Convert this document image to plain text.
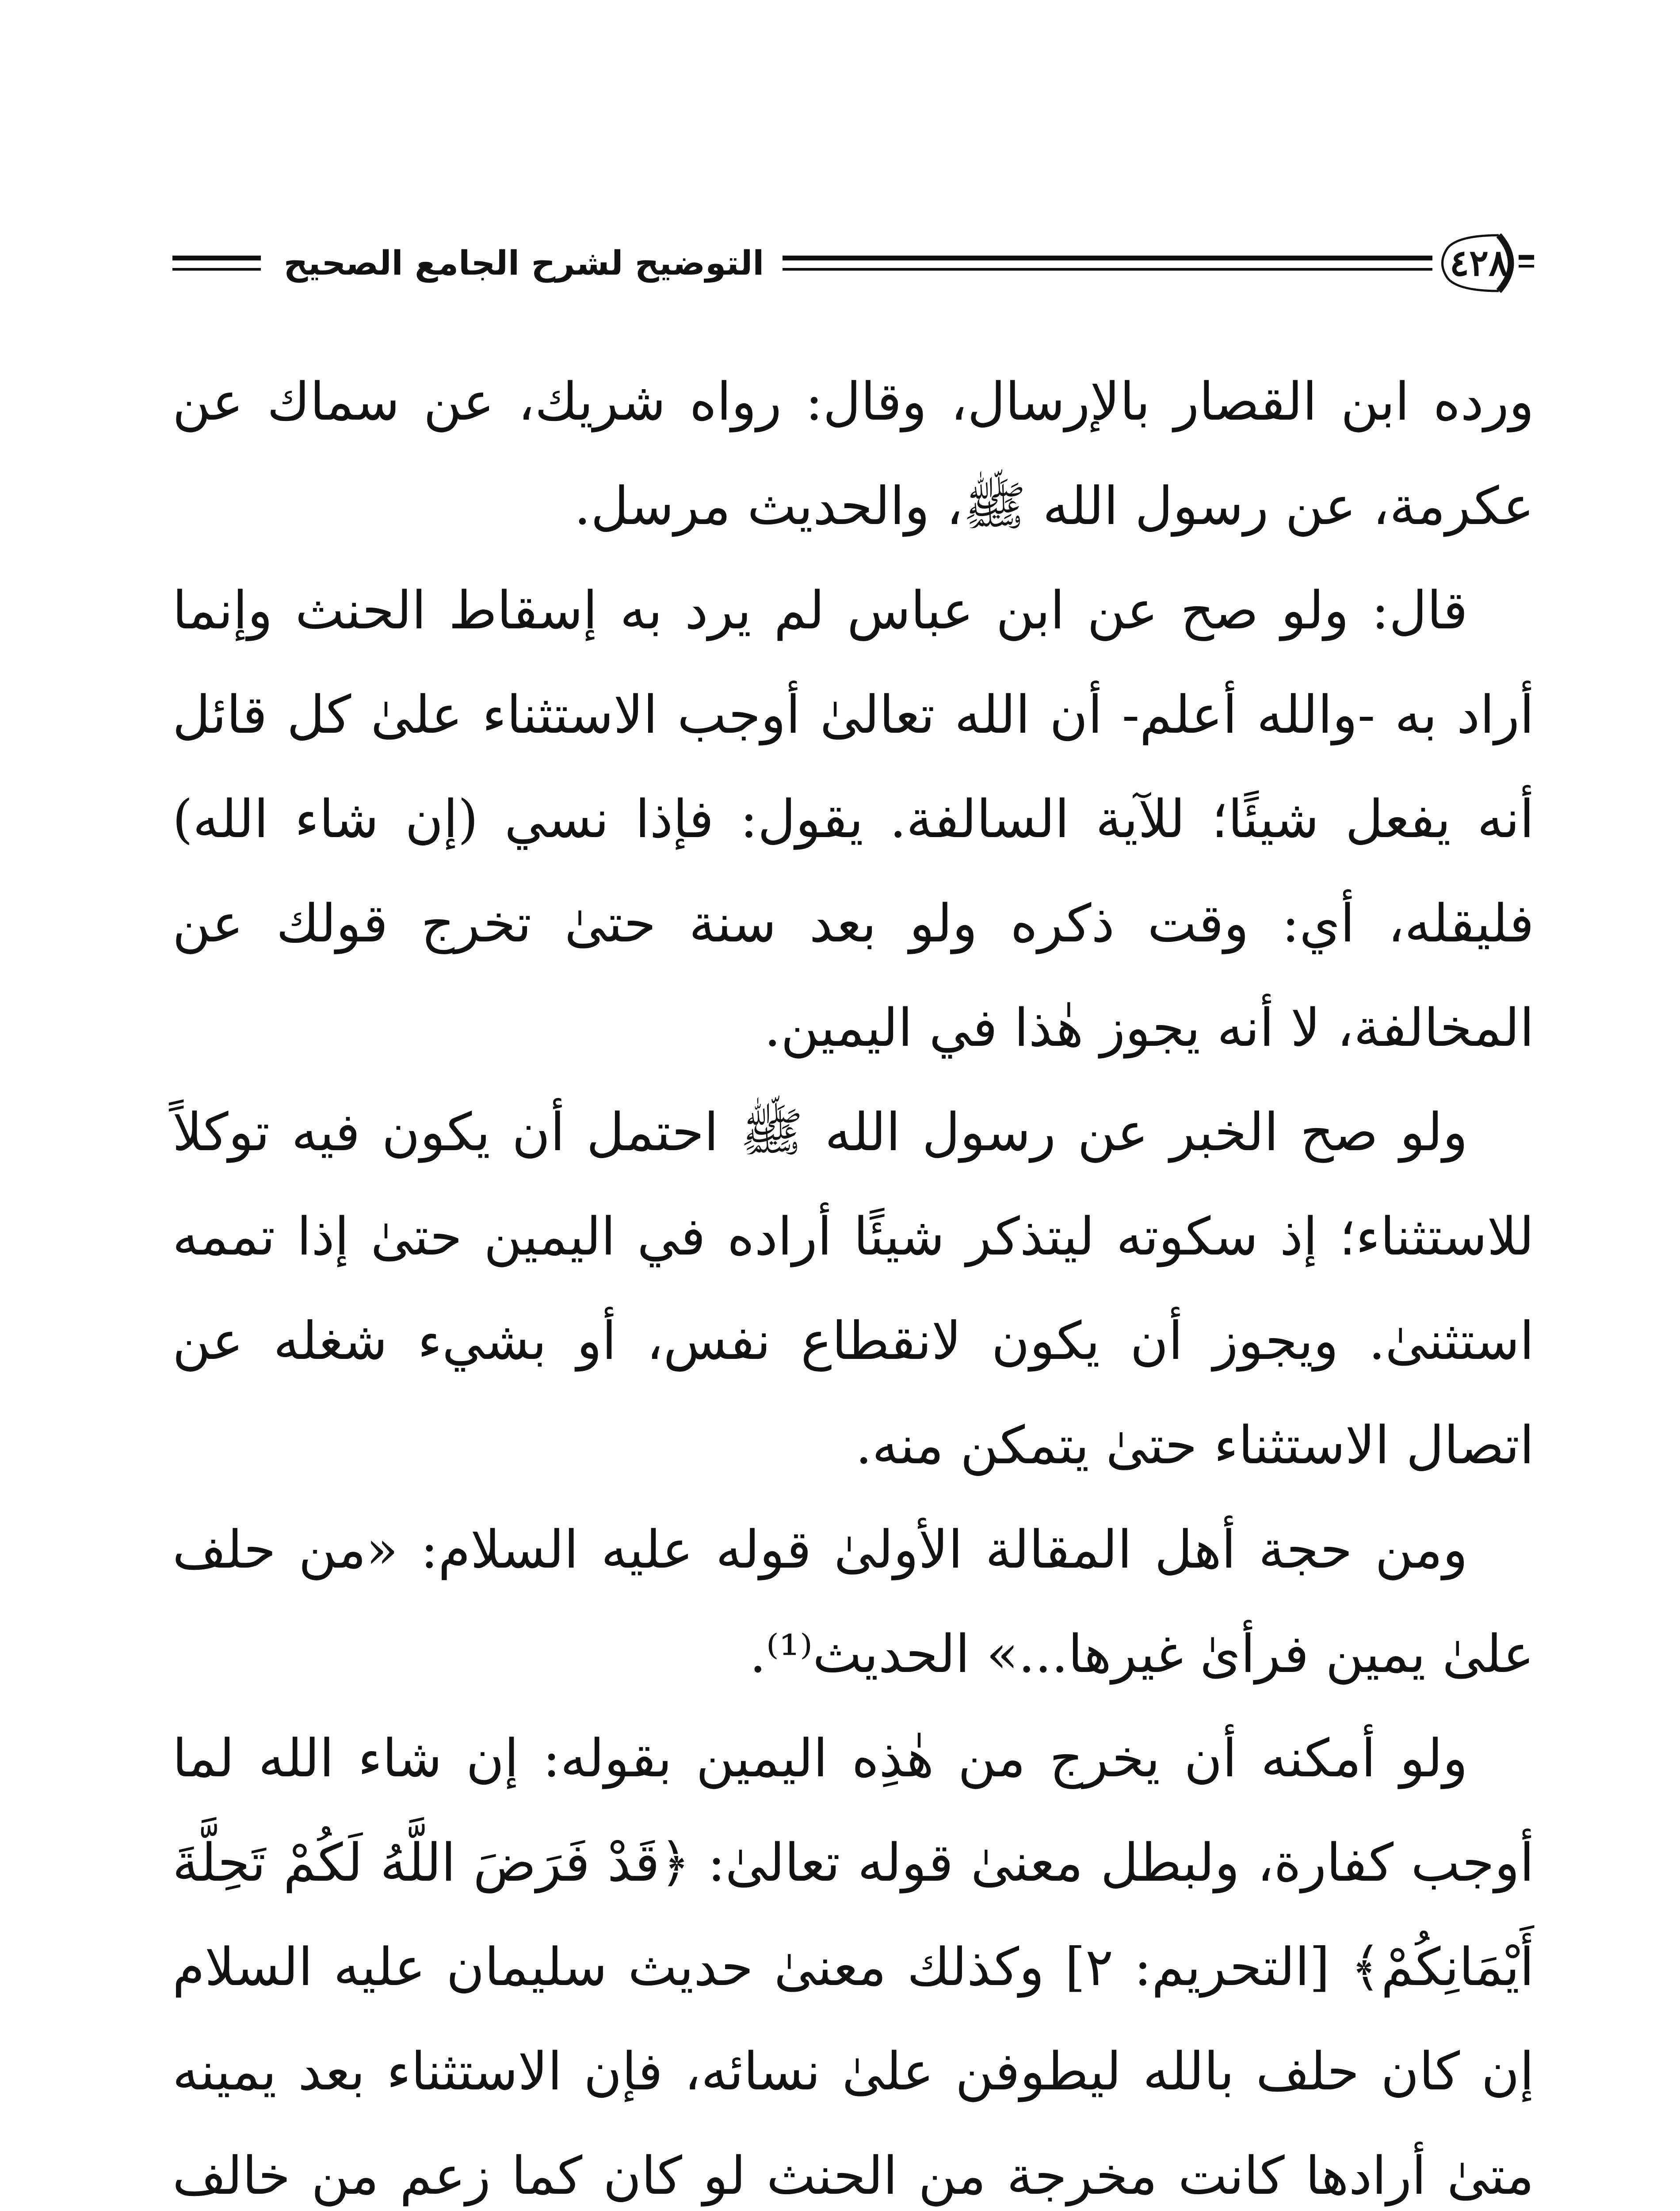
التوضيح لشرح الجامع الصحيح	٤٢٨

ورده ابن القصار بالإرسال، وقال: رواه شريك، عن سماك عن عكرمة، عن رسول الله ﷺ، والحديث مرسل.

قال: ولو صح عن ابن عباس لم يرد به إسقاط الحنث وإنما أراد به -والله أعلم- أن الله تعالىٰ أوجب الاستثناء علىٰ كل قائل أنه يفعل شيئًا؛ للآية السالفة. يقول: فإذا نسي (إن شاء الله) فليقله، أي: وقت ذكره ولو بعد سنة حتىٰ تخرج قولك عن المخالفة، لا أنه يجوز هٰذا في اليمين.

ولو صح الخبر عن رسول الله ﷺ احتمل أن يكون فيه توكلاً للاستثناء؛ إذ سكوته ليتذكر شيئًا أراده في اليمين حتىٰ إذا تممه استثنىٰ. ويجوز أن يكون لانقطاع نفس، أو بشيء شغله عن اتصال الاستثناء حتىٰ يتمكن منه.

ومن حجة أهل المقالة الأولىٰ قوله عليه السلام: «من حلف علىٰ يمين فرأىٰ غيرها...» الحديث⁽¹⁾.

ولو أمكنه أن يخرج من هٰذِه اليمين بقوله: إن شاء الله لما أوجب كفارة، ولبطل معنىٰ قوله تعالىٰ: ﴿قَدْ فَرَضَ اللَّهُ لَكُمْ تَحِلَّةَ أَيْمَانِكُمْ﴾ [التحريم: ٢] وكذلك معنىٰ حديث سليمان عليه السلام إن كان حلف بالله ليطوفن علىٰ نسائه، فإن الاستثناء بعد يمينه متىٰ أرادها كانت مخرجة من الحنث لو كان كما زعم من خالف
